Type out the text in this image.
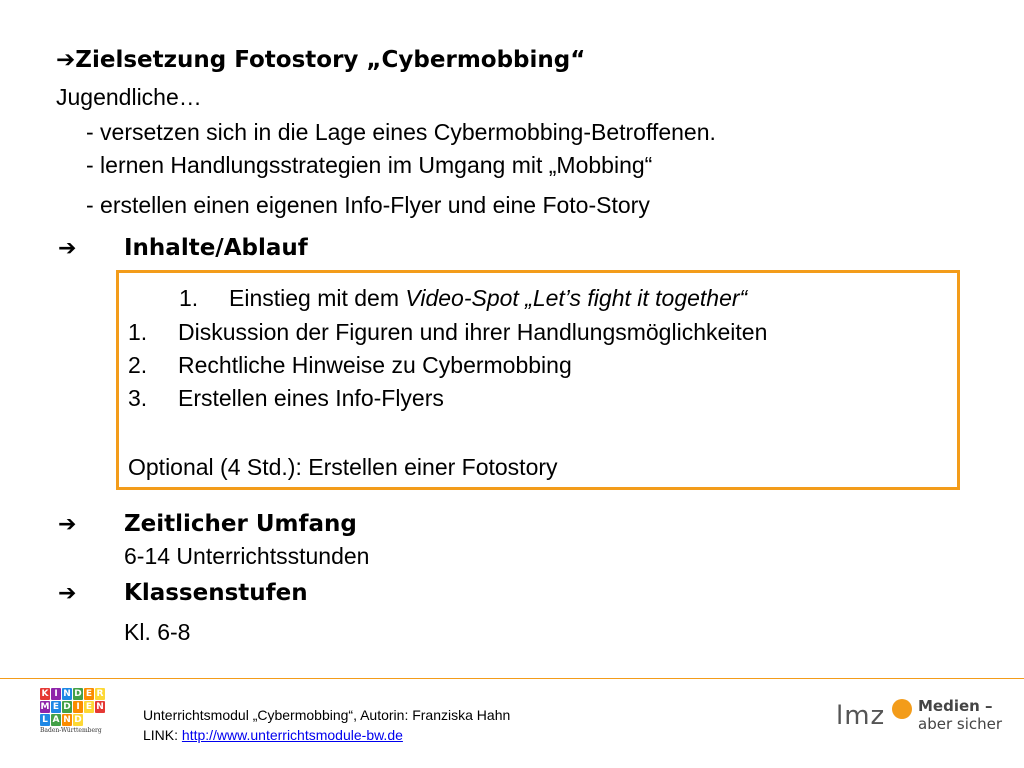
➔Zielsetzung Fotostory „Cybermobbing“
Jugendliche…
- versetzen sich in die Lage eines Cybermobbing-Betroffenen.
- lernen Handlungsstrategien im Umgang mit „Mobbing“
- erstellen einen eigenen Info-Flyer und eine Foto-Story
➔ Inhalte/Ablauf
1. Einstieg mit dem Video-Spot „Let’s fight it together“
1. Diskussion der Figuren und ihrer Handlungsmöglichkeiten
2. Rechtliche Hinweise zu Cybermobbing
3. Erstellen eines Info-Flyers
Optional (4 Std.): Erstellen einer Fotostory
➔ Zeitlicher Umfang
6-14 Unterrichtsstunden
➔ Klassenstufen
Kl. 6-8
K I N D E R
M E D I E N
L A N D
Baden-Württemberg
Unterrichtsmodul „Cybermobbing“, Autorin: Franziska Hahn
LINK: http://www.unterrichtsmodule-bw.de
lmz Medien –
aber sicher
